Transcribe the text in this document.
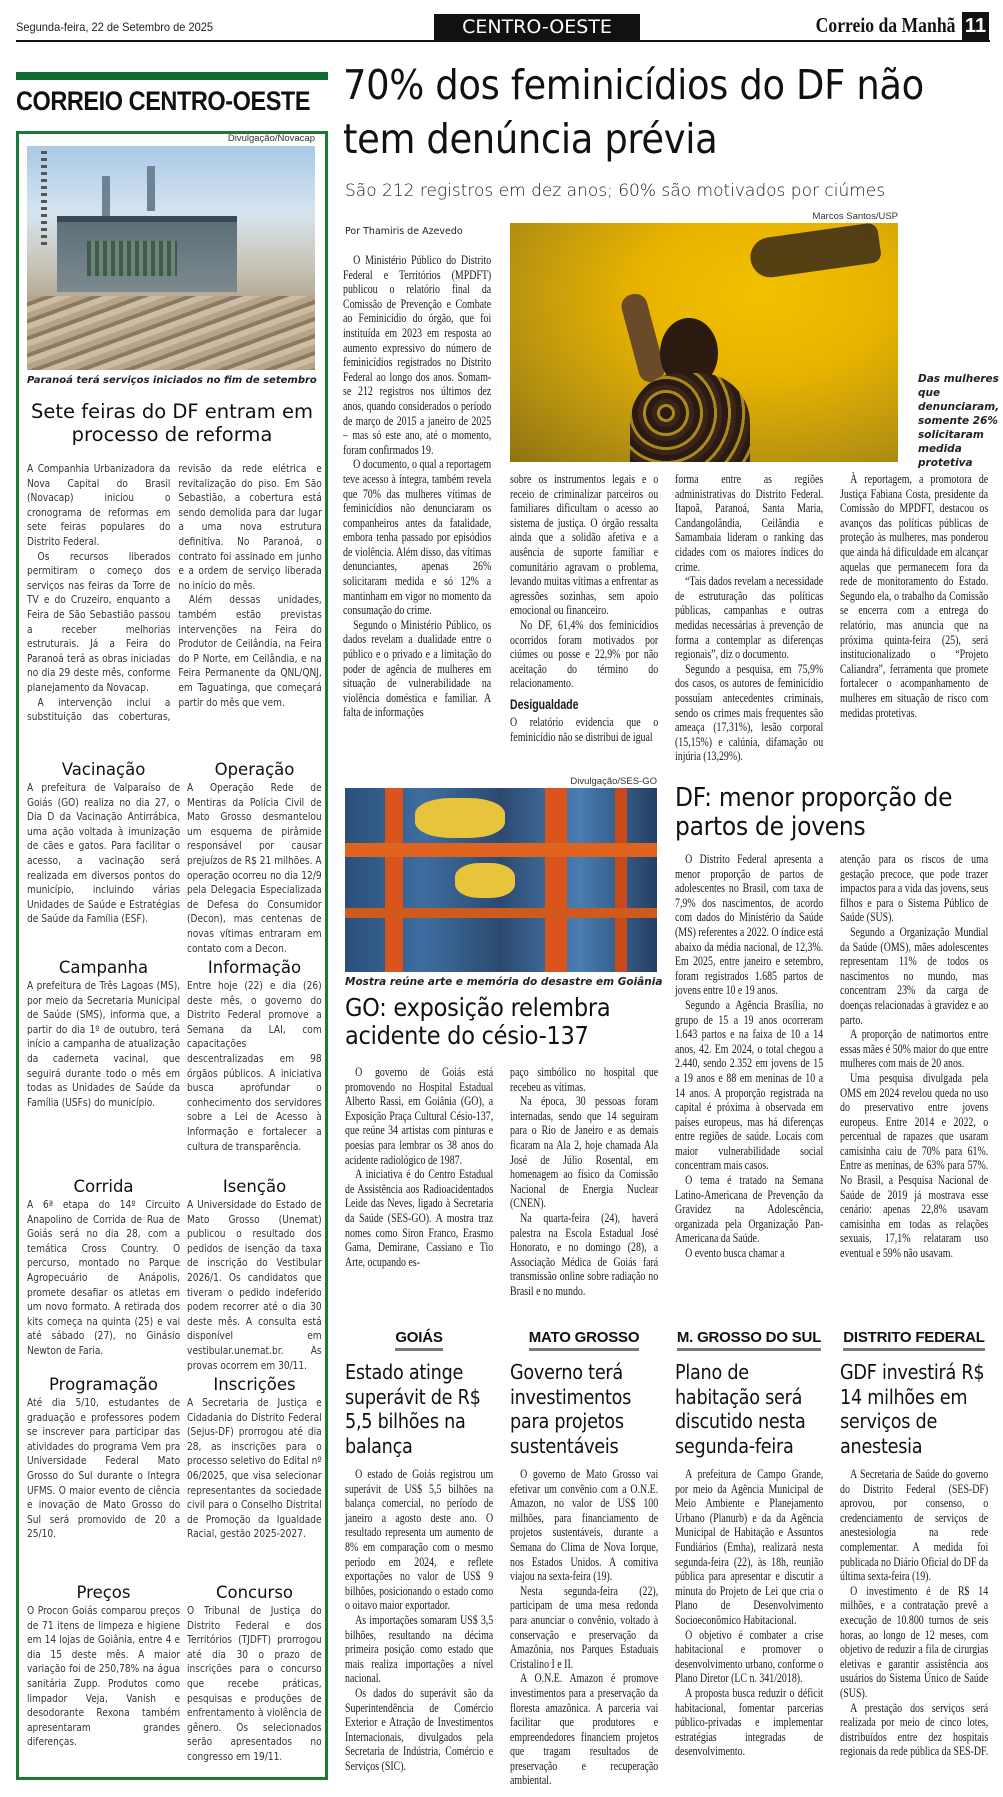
Segunda-feira, 22 de Setembro de 2025	CENTRO-OESTE	Correio da Manhã 11
CORREIO CENTRO-OESTE
Divulgação/Novacap
Paranoá terá serviços iniciados no fim de setembro
Sete feiras do DF entram em processo de reforma

A Companhia Urbanizadora da Nova Capital do Brasil (Novacap) iniciou o cronograma de reformas em sete feiras populares do Distrito Federal.

Os recursos liberados permitiram o começo dos serviços nas feiras da Torre de TV e do Cruzeiro, enquanto a Feira de São Sebastião passou a receber melhorias estruturais. Já a Feira do Paranoá terá as obras iniciadas no dia 29 deste mês, conforme planejamento da Novacap.

A intervenção inclui a substituição das coberturas, revisão da rede elétrica e revitalização do piso. Em São Sebastião, a cobertura está sendo demolida para dar lugar a uma nova estrutura definitiva. No Paranoá, o contrato foi assinado em junho e a ordem de serviço liberada no início do mês.

Além dessas unidades, também estão previstas intervenções na Feira do Produtor de Ceilândia, na Feira do P Norte, em Ceilândia, e na Feira Permanente da QNL/QNJ, em Taguatinga, que começará partir do mês que vem.

Vacinação

A prefeitura de Valparaíso de Goiás (GO) realiza no dia 27, o Dia D da Vacinação Antirrábica, uma ação voltada à imunização de cães e gatos. Para facilitar o acesso, a vacinação será realizada em diversos pontos do município, incluindo várias Unidades de Saúde e Estratégias de Saúde da Família (ESF).

Operação

A Operação Rede de Mentiras da Polícia Civil de Mato Grosso desmantelou um esquema de pirâmide responsável por causar prejuízos de R$ 21 milhões. A operação ocorreu no dia 12/9 pela Delegacia Especializada de Defesa do Consumidor (Decon), mas centenas de novas vítimas entraram em contato com a Decon.

Campanha

A prefeitura de Três Lagoas (MS), por meio da Secretaria Municipal de Saúde (SMS), informa que, a partir do dia 1º de outubro, terá início a campanha de atualização da caderneta vacinal, que seguirá durante todo o mês em todas as Unidades de Saúde da Família (USFs) do município.

Informação

Entre hoje (22) e dia (26) deste mês, o governo do Distrito Federal promove a Semana da LAI, com capacitações descentralizadas em 98 órgãos públicos. A iniciativa busca aprofundar o conhecimento dos servidores sobre a Lei de Acesso à Informação e fortalecer a cultura de transparência.

Corrida

A 6ª etapa do 14º Circuito Anapolino de Corrida de Rua de Goiás será no dia 28, com a temática Cross Country. O percurso, montado no Parque Agropecuário de Anápolis, promete desafiar os atletas em um novo formato. A retirada dos kits começa na quinta (25) e vai até sábado (27), no Ginásio Newton de Faria.

Isenção

A Universidade do Estado de Mato Grosso (Unemat) publicou o resultado dos pedidos de isenção da taxa de inscrição do Vestibular 2026/1. Os candidatos que tiveram o pedido indeferido podem recorrer até o dia 30 deste mês. A consulta está disponível em vestibular.unemat.br. As provas ocorrem em 30/11.

Programação

Até dia 5/10, estudantes de graduação e professores podem se inscrever para participar das atividades do programa Vem pra Universidade Federal Mato Grosso do Sul durante o Integra UFMS. O maior evento de ciência e inovação de Mato Grosso do Sul será promovido de 20 a 25/10.

Inscrições

A Secretaria de Justiça e Cidadania do Distrito Federal (Sejus-DF) prorrogou até dia 28, as inscrições para o processo seletivo do Edital nº 06/2025, que visa selecionar representantes da sociedade civil para o Conselho Distrital de Promoção da Igualdade Racial, gestão 2025-2027.

Preços

O Procon Goiás comparou preços de 71 itens de limpeza e higiene em 14 lojas de Goiânia, entre 4 e dia 15 deste mês. A maior variação foi de 250,78% na água sanitária Zupp. Produtos como limpador Veja, Vanish e desodorante Rexona também apresentaram grandes diferenças.

Concurso

O Tribunal de Justiça do Distrito Federal e dos Territórios (TJDFT) prorrogou até dia 30 o prazo de inscrições para o concurso que recebe práticas, pesquisas e produções de enfrentamento à violência de gênero. Os selecionados serão apresentados no congresso em 19/11.

70% dos feminicídios do DF não tem denúncia prévia
São 212 registros em dez anos; 60% são motivados por ciúmes
Por Thamiris de Azevedo
Marcos Santos/USP
Das mulheres que denunciaram, somente 26% solicitaram medida protetiva

O Ministério Público do Distrito Federal e Territórios (MPDFT) publicou o relatório final da Comissão de Prevenção e Combate ao Feminicídio do órgão, que foi instituída em 2023 em resposta ao aumento expressivo do número de feminicídios registrados no Distrito Federal ao longo dos anos. Somam-se 212 registros nos últimos dez anos, quando considerados o período de março de 2015 a janeiro de 2025 – mas só este ano, até o momento, foram confirmados 19.

O documento, o qual a reportagem teve acesso à íntegra, também revela que 70% das mulheres vítimas de feminicídios não denunciaram os companheiros antes da fatalidade, embora tenha passado por episódios de violência. Além disso, das vítimas denunciantes, apenas 26% solicitaram medida e só 12% a mantinham em vigor no momento da consumação do crime.

Segundo o Ministério Público, os dados revelam a dualidade entre o público e o privado e a limitação do poder de agência de mulheres em situação de vulnerabilidade na violência doméstica e familiar. A falta de informações

sobre os instrumentos legais e o receio de criminalizar parceiros ou familiares dificultam o acesso ao sistema de justiça. O órgão ressalta ainda que a solidão afetiva e a ausência de suporte familiar e comunitário agravam o problema, levando muitas vítimas a enfrentar as agressões sozinhas, sem apoio emocional ou financeiro.

No DF, 61,4% dos feminicídios ocorridos foram motivados por ciúmes ou posse e 22,9% por não aceitação do término do relacionamento.

Desigualdade

O relatório evidencia que o feminicídio não se distribui de igual

forma entre as regiões administrativas do Distrito Federal. Itapoã, Paranoá, Santa Maria, Candangolândia, Ceilândia e Samambaia lideram o ranking das cidades com os maiores índices do crime.

“Tais dados revelam a necessidade de estruturação das políticas públicas, campanhas e outras medidas necessárias à prevenção de forma a contemplar as diferenças regionais”, diz o documento.

Segundo a pesquisa, em 75,9% dos casos, os autores de feminicídio possuíam antecedentes criminais, sendo os crimes mais frequentes são ameaça (17,31%), lesão corporal (15,15%) e calúnia, difamação ou injúria (13,29%).

À reportagem, a promotora de Justiça Fabiana Costa, presidente da Comissão do MPDFT, destacou os avanços das políticas públicas de proteção às mulheres, mas ponderou que ainda há dificuldade em alcançar aquelas que permanecem fora da rede de monitoramento do Estado. Segundo ela, o trabalho da Comissão se encerra com a entrega do relatório, mas anuncia que na próxima quinta-feira (25), será institucionalizado o “Projeto Caliandra”, ferramenta que promete fortalecer o acompanhamento de mulheres em situação de risco com medidas protetivas.

Divulgação/SES-GO
Mostra reúne arte e memória do desastre em Goiânia
GO: exposição relembra acidente do césio-137

O governo de Goiás está promovendo no Hospital Estadual Alberto Rassi, em Goiânia (GO), a Exposição Praça Cultural Césio-137, que reúne 34 artistas com pinturas e poesias para lembrar os 38 anos do acidente radiológico de 1987.

A iniciativa é do Centro Estadual de Assistência aos Radioacidentados Leide das Neves, ligado à Secretaria da Saúde (SES-GO). A mostra traz nomes como Siron Franco, Erasmo Gama, Demirane, Cassiano e Tio Arte, ocupando es-

paço simbólico no hospital que recebeu as vítimas.

Na época, 30 pessoas foram internadas, sendo que 14 seguiram para o Rio de Janeiro e as demais ficaram na Ala 2, hoje chamada Ala José de Júlio Rosental, em homenagem ao físico da Comissão Nacional de Energia Nuclear (CNEN).

Na quarta-feira (24), haverá palestra na Escola Estadual José Honorato, e no domingo (28), a Associação Médica de Goiás fará transmissão online sobre radiação no Brasil e no mundo.

DF: menor proporção de partos de jovens

O Distrito Federal apresenta a menor proporção de partos de adolescentes no Brasil, com taxa de 7,9% dos nascimentos, de acordo com dados do Ministério da Saúde (MS) referentes a 2022. O índice está abaixo da média nacional, de 12,3%. Em 2025, entre janeiro e setembro, foram registrados 1.685 partos de jovens entre 10 e 19 anos.

Segundo a Agência Brasília, no grupo de 15 a 19 anos ocorreram 1.643 partos e na faixa de 10 a 14 anos, 42. Em 2024, o total chegou a 2.440, sendo 2.352 em jovens de 15 a 19 anos e 88 em meninas de 10 a 14 anos. A proporção registrada na capital é próxima à observada em países europeus, mas há diferenças entre regiões de saúde. Locais com maior vulnerabilidade social concentram mais casos.

O tema é tratado na Semana Latino-Americana de Prevenção da Gravidez na Adolescência, organizada pela Organização Pan-Americana da Saúde.

O evento busca chamar a

atenção para os riscos de uma gestação precoce, que pode trazer impactos para a vida das jovens, seus filhos e para o Sistema Público de Saúde (SUS).

Segundo a Organização Mundial da Saúde (OMS), mães adolescentes representam 11% de todos os nascimentos no mundo, mas concentram 23% da carga de doenças relacionadas à gravidez e ao parto.

A proporção de natimortos entre essas mães é 50% maior do que entre mulheres com mais de 20 anos.

Uma pesquisa divulgada pela OMS em 2024 revelou queda no uso do preservativo entre jovens europeus. Entre 2014 e 2022, o percentual de rapazes que usaram camisinha caiu de 70% para 61%. Entre as meninas, de 63% para 57%. No Brasil, a Pesquisa Nacional de Saúde de 2019 já mostrava esse cenário: apenas 22,8% usavam camisinha em todas as relações sexuais, 17,1% relataram uso eventual e 59% não usavam.

GOIÁS
Estado atinge superávit de R$ 5,5 bilhões na balança

O estado de Goiás registrou um superávit de US$ 5,5 bilhões na balança comercial, no período de janeiro a agosto deste ano. O resultado representa um aumento de 8% em comparação com o mesmo período em 2024, e reflete exportações no valor de US$ 9 bilhões, posicionando o estado como o oitavo maior exportador.

As importações somaram US$ 3,5 bilhões, resultando na décima primeira posição como estado que mais realiza importações a nível nacional.

Os dados do superávit são da Superintendência de Comércio Exterior e Atração de Investimentos Internacionais, divulgados pela Secretaria de Indústria, Comércio e Serviços (SIC).

MATO GROSSO
Governo terá investimentos para projetos sustentáveis

O governo de Mato Grosso vai efetivar um convênio com a O.N.E. Amazon, no valor de US$ 100 milhões, para financiamento de projetos sustentáveis, durante a Semana do Clima de Nova Iorque, nos Estados Unidos. A comitiva viajou na sexta-feira (19).

Nesta segunda-feira (22), participam de uma mesa redonda para anunciar o convênio, voltado à conservação e preservação da Amazônia, nos Parques Estaduais Cristalino I e II.

A O.N.E. Amazon é promove investimentos para a preservação da floresta amazônica. A parceria vai facilitar que produtores e empreendedores financiem projetos que tragam resultados de preservação e recuperação ambiental.

M. GROSSO DO SUL
Plano de habitação será discutido nesta segunda-feira

A prefeitura de Campo Grande, por meio da Agência Municipal de Meio Ambiente e Planejamento Urbano (Planurb) e da da Agência Municipal de Habitação e Assuntos Fundiários (Emha), realizará nesta segunda-feira (22), às 18h, reunião pública para apresentar e discutir a minuta do Projeto de Lei que cria o Plano de Desenvolvimento Socioeconômico Habitacional.

O objetivo é combater a crise habitacional e promover o desenvolvimento urbano, conforme o Plano Diretor (LC n. 341/2018).

A proposta busca reduzir o déficit habitacional, fomentar parcerias público-privadas e implementar estratégias integradas de desenvolvimento.

DISTRITO FEDERAL
GDF investirá R$ 14 milhões em serviços de anestesia

A Secretaria de Saúde do governo do Distrito Federal (SES-DF) aprovou, por consenso, o credenciamento de serviços de anestesiologia na rede complementar. A medida foi publicada no Diário Oficial do DF da última sexta-feira (19).

O investimento é de R$ 14 milhões, e a contratação prevê a execução de 10.800 turnos de seis horas, ao longo de 12 meses, com objetivo de reduzir a fila de cirurgias eletivas e garantir assistência aos usuários do Sistema Único de Saúde (SUS).

A prestação dos serviços será realizada por meio de cinco lotes, distribuídos entre dez hospitais regionais da rede pública da SES-DF.
